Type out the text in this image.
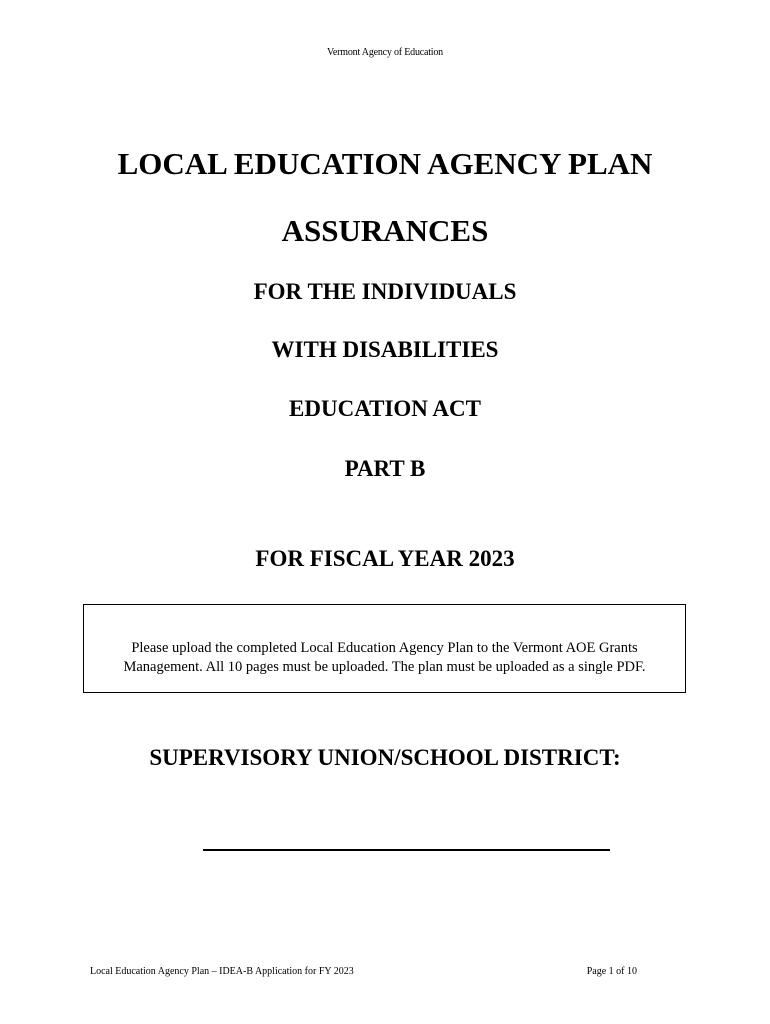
Vermont Agency of Education
LOCAL EDUCATION AGENCY PLAN
ASSURANCES
FOR THE INDIVIDUALS
WITH DISABILITIES
EDUCATION ACT
PART B
FOR FISCAL YEAR 2023
Please upload the completed Local Education Agency Plan to the Vermont AOE Grants
Management. All 10 pages must be uploaded. The plan must be uploaded as a single PDF.
SUPERVISORY UNION/SCHOOL DISTRICT:
Local Education Agency Plan – IDEA-B Application for FY 2023	Page 1 of 10
